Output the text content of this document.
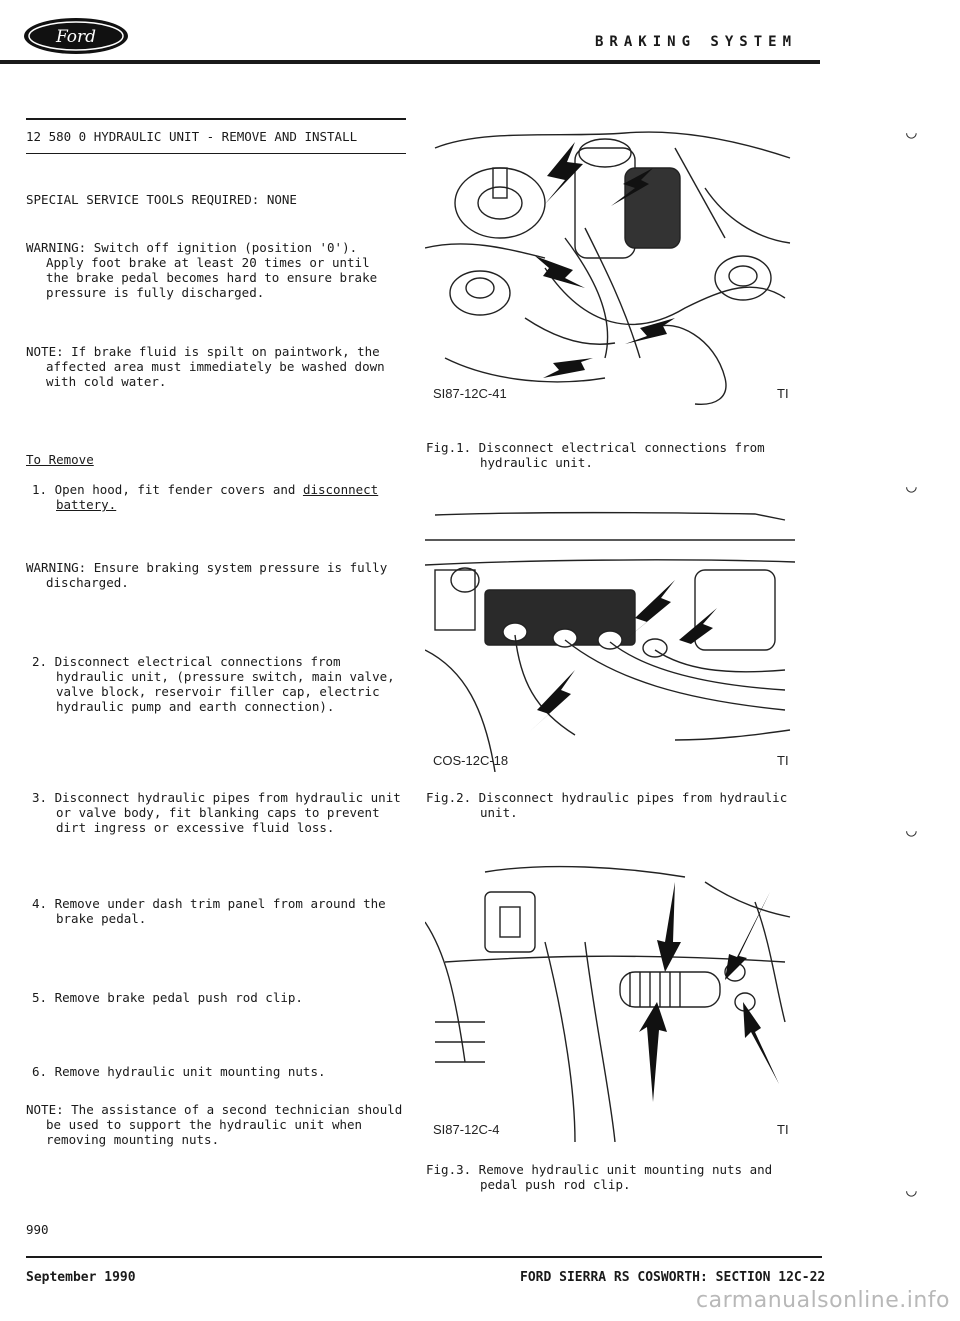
Ford	BRAKING SYSTEM
12 580 0 HYDRAULIC UNIT - REMOVE AND INSTALL
SPECIAL SERVICE TOOLS REQUIRED: NONE
WARNING: Switch off ignition (position '0').
Apply foot brake at least 20 times or until
the brake pedal becomes hard to ensure brake
pressure is fully discharged.
NOTE: If brake fluid is spilt on paintwork, the
affected area must immediately be washed down
with cold water.
To Remove
1. Open hood, fit fender covers and disconnect
battery.
WARNING: Ensure braking system pressure is fully
discharged.
2. Disconnect electrical connections from
hydraulic unit, (pressure switch, main valve,
valve block, reservoir filler cap, electric
hydraulic pump and earth connection).
3. Disconnect hydraulic pipes from hydraulic unit
or valve body, fit blanking caps to prevent
dirt ingress or excessive fluid loss.
4. Remove under dash trim panel from around the
brake pedal.
5. Remove brake pedal push rod clip.
6. Remove hydraulic unit mounting nuts.
NOTE: The assistance of a second technician should
be used to support the hydraulic unit when
removing mounting nuts.
SI87-12C-41	TI
Fig.1. Disconnect electrical connections from
hydraulic unit.
COS-12C-18	TI
Fig.2. Disconnect hydraulic pipes from hydraulic
unit.
SI87-12C-4	TI
Fig.3. Remove hydraulic unit mounting nuts and
pedal push rod clip.
◡
◡
◡
◡
990
September 1990	FORD SIERRA RS COSWORTH: SECTION 12C-22
carmanualsonline.info
